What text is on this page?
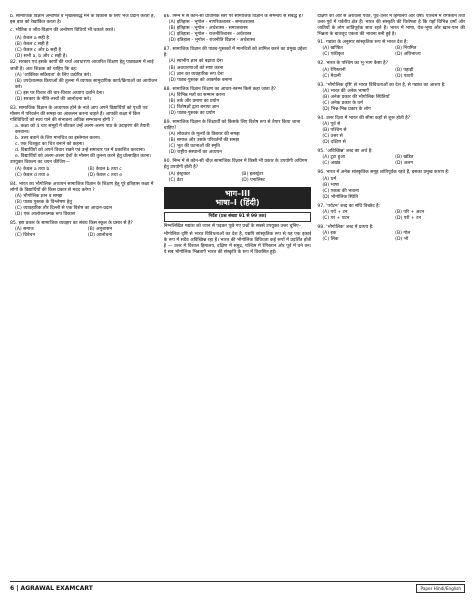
b. सामाजिक विज्ञान अन्वेषित व शृंखलाबद्ध मन के विकास के लिए भेज प्रदान करता है, इस बात को रेखांकित करता है।

c. भौतिक व जीव-विज्ञान की अन्वेषण विधियाँ भी चकाते करते।

(A) केवल a सही है
(B) केवल c सही है
(C) केवल c और b सही है
(D) सभी a, b और c सही है।
82. सरकार एवं इसके कार्यों की चर्चा अवधारणा आधारित शिक्षण हेतु पाठ्यक्रम में लाई जाती है। अतः शिक्षक को चाहिए कि वह:
(A) 'व्यक्तिक सक्रियता' के लिए उत्प्रेरित करे।
(B) उपदेशात्मक क्रियाओं की तुलना में व्यापक सामुदायिक कार्य/क्रियाओं का आयोजन करे।
(C) इस पर विचार की चार-विचार अध्याय दर्शाने देना।
(D) सरकार के नीति-तत्त्वों की आलोचना करे।
83. सामाजिक विज्ञान के अध्यापक होने के नाते आप अपने विद्यार्थियों को पृथ्वी एवं मौसम में परिवर्तन की समझ का आकलन करना चाहते हैं। आपकी कक्षा में किन गतिविधियों को स्वयं पाने की संभावना अधिक सम्भावना होगी ?
a. कक्षा को 4 चार समूहों में बाँटकर उन्हें अलग-अलग पाठ के उदाहरण की तैयारी करवाना।
b. उत्तर बताने के लिए मानचित्र का इस्तेमाल करना।
c. एक चित्रकूट का चित्र बनाने को कहना।
d. विद्यार्थियों को अपने विचार रखने एवं उन्हें समाचार पत्र में प्रकाशित करवाना।
e. विद्यार्थियों को अलग-अलग देशों के मौसम की तुलना करने हेतु प्रोत्साहित करना।
उपयुक्त विकल्प का चयन कीजिए—
(A) केवल a तथा b	(B) केवल b तथा c
(C) केवल d तथा e	(D) केवल c तथा e
84. भारत का भौगोलिक अध्ययन सामाजिक विज्ञान के शिक्षण हेतु पूरे इतिहास कक्षा में लोगों के विद्यार्थियों की किस प्रकार से मदद करेगा ?
(A) भौगोलिक ज्ञान व समझ
(B) पाठ्य पुस्तक के विश्लेषण हेतु
(C) व्यावहारिक तौर दिल्ली से एक विशेष का आदान-प्रदान
(D) एक आलोचनात्मक रूप विकास
85. इस प्रकार के सामाजिक व्यवहार का संबंध किस स्कूल के प्रसार से है?
(A) समाज	(B) अनुशासन
(C) विवेचन	(D) आलोचना
86. निम्न में से कौन-सा प्राथमिक स्तर पर सामाजिक विज्ञान के समन्वय से संबद्ध है?
(A) इतिहास - भूगोल - नागरिकशास्त्र - समाजशास्त्र
(B) इतिहास - भूगोल - अर्थशास्त्र - समाजशास्त्र
(C) इतिहास - भूगोल - राजनीतिशास्त्र - अर्थशास्त्र
(D) इतिहास - भूगोल - राजनीति विज्ञान - अर्थशास्त्र
87. सामाजिक विज्ञान की पाठ्य-पुस्तकों में मानचित्रों को शामिल करने का प्रमुख उद्देश्य है:
(A) स्थानीय ज्ञान को बढ़ावा देना
(B) अवधारणाओं को स्पष्ट करना
(C) ज्ञान का व्यवहारिक रूप देना
(D) पाठ्य-पुस्तक को आकर्षक बनाना
88. सामाजिक विज्ञान शिक्षण का आधार-स्तम्भ किसे कहा जाता है?
(A) विभिन्न मतों का सम्मान करना
(B) तर्क और प्रमाण का प्रयोग
(C) विशेषज्ञों द्वारा बनाया ज्ञान
(D) पाठ्य-पुस्तक का प्रयोग
89. सामाजिक विज्ञान के शिक्षार्थी को किसके लिए विशेष रूप से तैयार किया जाना चाहिए?
(A) लोकतंत्र के मूल्यों के विस्तार की समझ
(B) समाज और उसके परिवर्तनों की समझ
(C) भूत की घटनाओं की स्मृति
(D) राष्ट्रीय संस्थानों का अध्ययन
90. निम्न में से कौन-सी चीज़ सामाजिक विज्ञान में किसी भी प्रकार के उपयोगी अधिगम हेतु उपयोगी होती है?
(A) इंस्ट्रक्टर	(B) इलस्ट्रेटर
(C) डेटा	(D) एनालिस्ट
भाग–III
भाषा–I (हिंदी)
निर्देश (प्रश्न संख्या 91 से 99 तक)

निम्नलिखित गद्यांश को ध्यान से पढ़कर पूछे गए प्रश्नों के सबसे उपयुक्त उत्तर चुनिए–

भौगोलिक दृष्टि से भारत विविधताओं का देश है, यद्यपि सांस्कृतिक रूप से यह एक इकाई के रूप में सदैव अविच्छिन्न रहा है। भारत की भौगोलिक विविधता कई रूपों में प्रदर्शित होती है — उत्तर में विशाल हिमालय, दक्षिण में समुद्र, पश्चिम में रेगिस्तान और पूर्व में घने वन। ये सब भौगोलिक भिन्नताएँ भारत की संस्कृति के रूप में विकसित हुईं।

दक्षिण की ओर से अरावली पर्वत, पूर्व-उत्तर में हिमालय और वर्षा। पश्चिम में रेगिस्तान तथा उत्तर-पूर्व में पर्वतीय क्षेत्र हैं। भारत की संस्कृति की विशेषता है कि यहाँ विभिन्न धर्मों और जातियों के लोग शांतिपूर्वक साथ रहते हैं। भारत में भाषा, वेश-भूषा और खान-पान की भिन्नता के बावजूद एकता की भावना बनी हुई है।

91. गद्यांश के अनुसार सांस्कृतिक रूप से भारत देश है:
(A) खण्डित	(B) नियमित
(C) एकीकृत	(D) अविभाज्य
92. भारत के पश्चिम का भू-भाग कैसा है?
(A) रेगिस्तानी	(B) पहाड़ी
(C) मैदानी	(D) पठारी
93. 'भौगोलिक दृष्टि' से भारत विविधताओं का देश है, से गद्यांश का आशय है:
(A) भारत की अनेक भाषाएँ
(B) अनेक प्रकार की भौगोलिक स्थितियाँ
(C) अनेक प्रकार के धर्म
(D) भिन्न-भिन्न प्रकार के लोग
94. उत्तर दिशा में भारत की सीमा कहाँ से शुरू होती है?
(A) पूर्व से
(B) पश्चिम से
(C) उत्तर से
(D) दक्षिण से
95. 'अविच्छिन्न' शब्द का अर्थ है:
(A) टूटा हुआ	(B) खंडित
(C) अखंड	(D) अलग
96. भारत में अनेक सांस्कृतिक समूह शांतिपूर्वक रहते हैं, इसका प्रमुख कारण है:
(A) धर्म
(B) भाषा
(C) एकता की भावना
(D) भौगोलिक स्थिति
97. 'पर्यटन' शब्द का संधि विच्छेद है:
(A) पर्य + टन	(B) परि + अटन
(C) पर + यटन	(D) परी + टन
98. 'भौगोलिक' शब्द में प्रत्यय है:
(A) इक	(B) गोल
(C) लिक	(D) भौ
6 | AGRAWAL EXAMCART	Paper Hindi/English
